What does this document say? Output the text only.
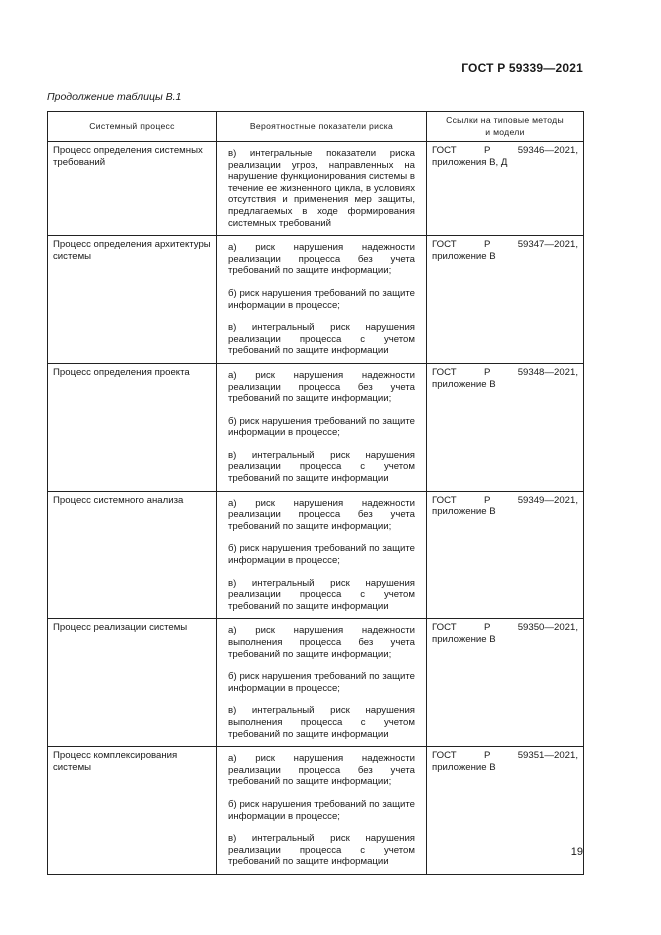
ГОСТ Р 59339—2021
Продолжение таблицы В.1
Системный процесс	Вероятностные показатели риска	Ссылки на типовые методы
и модели

Процесс определения системных требований	в) интегральные показатели риска реализации угроз, направленных на нарушение функционирования системы в течение ее жизненного цикла, в условиях отсутствия и применения мер защиты, предлагаемых в ходе формирования системных требований	ГОСТ Р 59346—2021, приложения В, Д
Процесс определения архитектуры системы	а) риск нарушения надежности реализации процесса без учета требований по защите информации;
б) риск нарушения требований по защите информации в процессе;
в) интегральный риск нарушения реализации процесса с учетом требований по защите информации	ГОСТ Р 59347—2021, приложение В
Процесс определения проекта	а) риск нарушения надежности реализации процесса без учета требований по защите информации;
б) риск нарушения требований по защите информации в процессе;
в) интегральный риск нарушения реализации процесса с учетом требований по защите информации	ГОСТ Р 59348—2021, приложение В
Процесс системного анализа	а) риск нарушения надежности реализации процесса без учета требований по защите информации;
б) риск нарушения требований по защите информации в процессе;
в) интегральный риск нарушения реализации процесса с учетом требований по защите информации	ГОСТ Р 59349—2021, приложение В
Процесс реализации системы	а) риск нарушения надежности выполнения процесса без учета требований по защите информации;
б) риск нарушения требований по защите информации в процессе;
в) интегральный риск нарушения выполнения процесса с учетом требований по защите информации	ГОСТ Р 59350—2021, приложение В
Процесс комплексирования системы	а) риск нарушения надежности реализации процесса без учета требований по защите информации;
б) риск нарушения требований по защите информации в процессе;
в) интегральный риск нарушения реализации процесса с учетом требований по защите информации	ГОСТ Р 59351—2021, приложение В
19
